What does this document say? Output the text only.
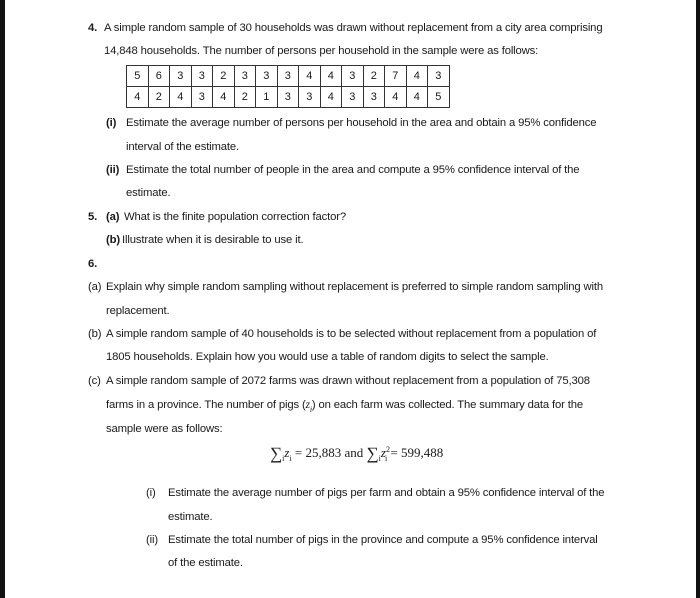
4. A simple random sample of 30 households was drawn without replacement from a city area comprising
14,848 households. The number of persons per household in the sample were as follows:
5	6	3	3	2	3	3	3	4	4	3	2	7	4	3
4	2	4	3	4	2	1	3	3	4	3	3	4	4	5
(i) Estimate the average number of persons per household in the area and obtain a 95% confidence
interval of the estimate.
(ii) Estimate the total number of people in the area and compute a 95% confidence interval of the
estimate.
5. (a) What is the finite population correction factor?
(b) Illustrate when it is desirable to use it.
6.
(a) Explain why simple random sampling without replacement is preferred to simple random sampling with
replacement.
(b) A simple random sample of 40 households is to be selected without replacement from a population of
1805 households. Explain how you would use a table of random digits to select the sample.
(c) A simple random sample of 2072 farms was drawn without replacement from a population of 75,308
farms in a province. The number of pigs $(z_i)$ on each farm was collected. The summary data for the
sample were as follows:
$\sum_iz_i = 25,883$ and $\sum_iz^2_i = 599,488$
(i) Estimate the average number of pigs per farm and obtain a 95% confidence interval of the
estimate.
(ii) Estimate the total number of pigs in the province and compute a 95% confidence interval
of the estimate.
